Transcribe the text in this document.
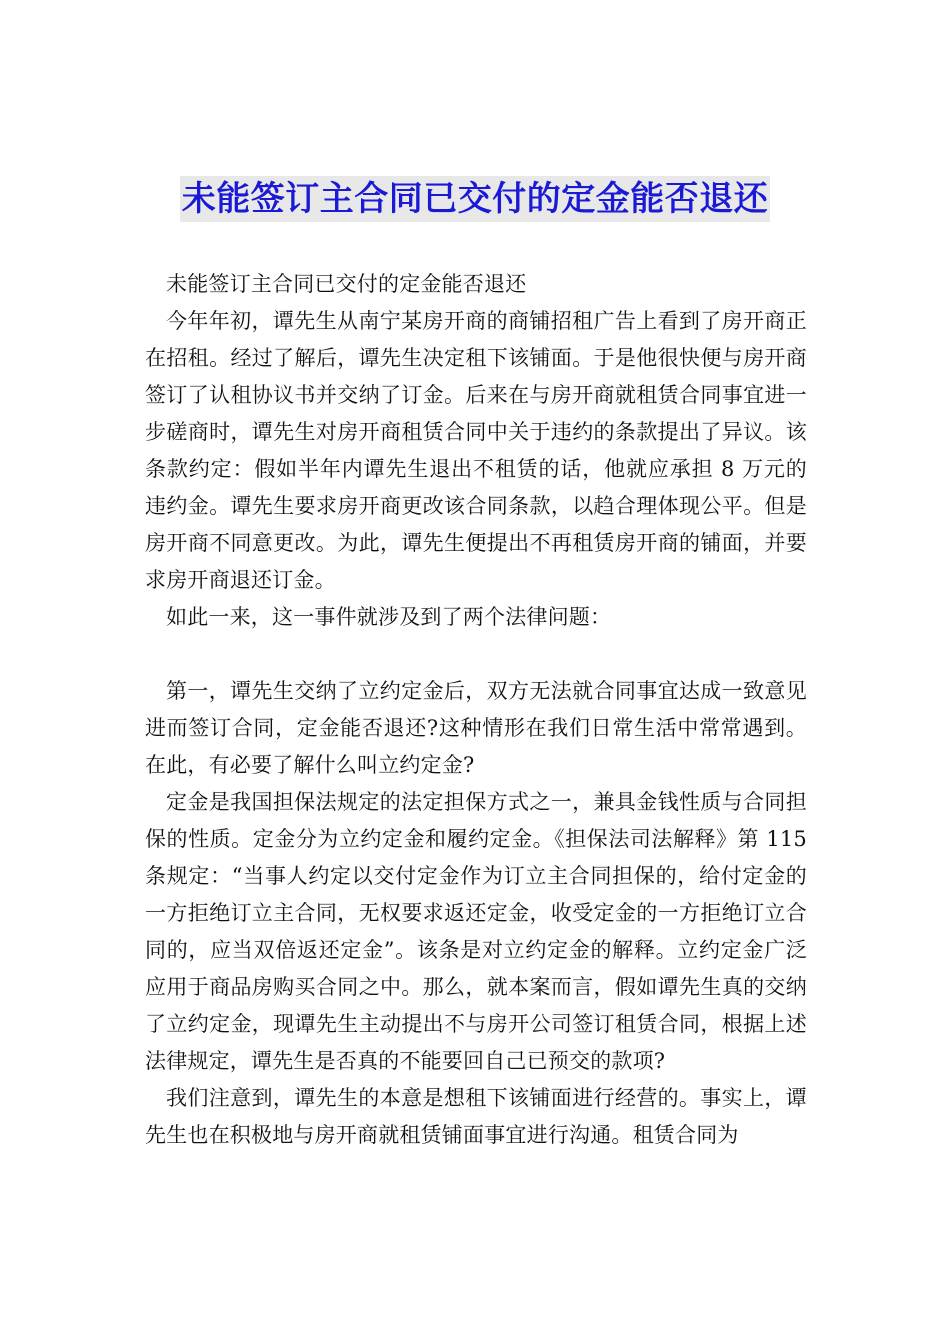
未能签订主合同已交付的定金能否退还

未能签订主合同已交付的定金能否退还

今年年初，谭先生从南宁某房开商的商铺招租广告上看到了房开商正在招租。经过了解后，谭先生决定租下该铺面。于是他很快便与房开商签订了认租协议书并交纳了订金。后来在与房开商就租赁合同事宜进一步磋商时，谭先生对房开商租赁合同中关于违约的条款提出了异议。该条款约定：假如半年内谭先生退出不租赁的话，他就应承担 8 万元的违约金。谭先生要求房开商更改该合同条款，以趋合理体现公平。但是房开商不同意更改。为此，谭先生便提出不再租赁房开商的铺面，并要求房开商退还订金。

如此一来，这一事件就涉及到了两个法律问题：

第一，谭先生交纳了立约定金后，双方无法就合同事宜达成一致意见进而签订合同，定金能否退还?这种情形在我们日常生活中常常遇到。在此，有必要了解什么叫立约定金?

定金是我国担保法规定的法定担保方式之一，兼具金钱性质与合同担保的性质。定金分为立约定金和履约定金。《担保法司法解释》第 115 条规定：“当事人约定以交付定金作为订立主合同担保的，给付定金的一方拒绝订立主合同，无权要求返还定金，收受定金的一方拒绝订立合同的，应当双倍返还定金”。该条是对立约定金的解释。立约定金广泛应用于商品房购买合同之中。那么，就本案而言，假如谭先生真的交纳了立约定金，现谭先生主动提出不与房开公司签订租赁合同，根据上述法律规定，谭先生是否真的不能要回自己已预交的款项?

我们注意到，谭先生的本意是想租下该铺面进行经营的。事实上，谭先生也在积极地与房开商就租赁铺面事宜进行沟通。租赁合同为
